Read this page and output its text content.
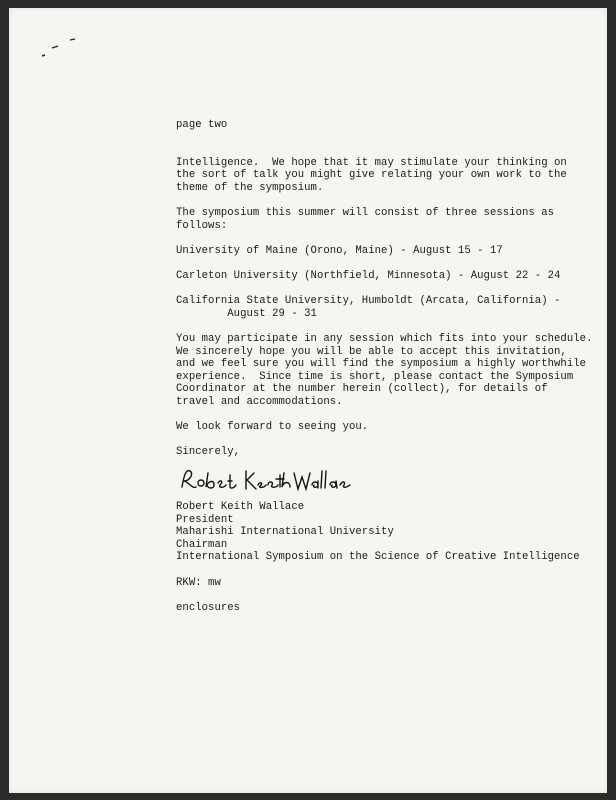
page two
Intelligence.  We hope that it may stimulate your thinking on
the sort of talk you might give relating your own work to the
theme of the symposium.
The symposium this summer will consist of three sessions as
follows:
University of Maine (Orono, Maine) - August 15 - 17
Carleton University (Northfield, Minnesota) - August 22 - 24
California State University, Humboldt (Arcata, California) -
August 29 - 31
You may participate in any session which fits into your schedule.
We sincerely hope you will be able to accept this invitation,
and we feel sure you will find the symposium a highly worthwhile
experience.  Since time is short, please contact the Symposium
Coordinator at the number herein (collect), for details of
travel and accommodations.
We look forward to seeing you.
Sincerely,
Robert Keith Wallace
President
Maharishi International University
Chairman
International Symposium on the Science of Creative Intelligence
RKW: mw
enclosures
